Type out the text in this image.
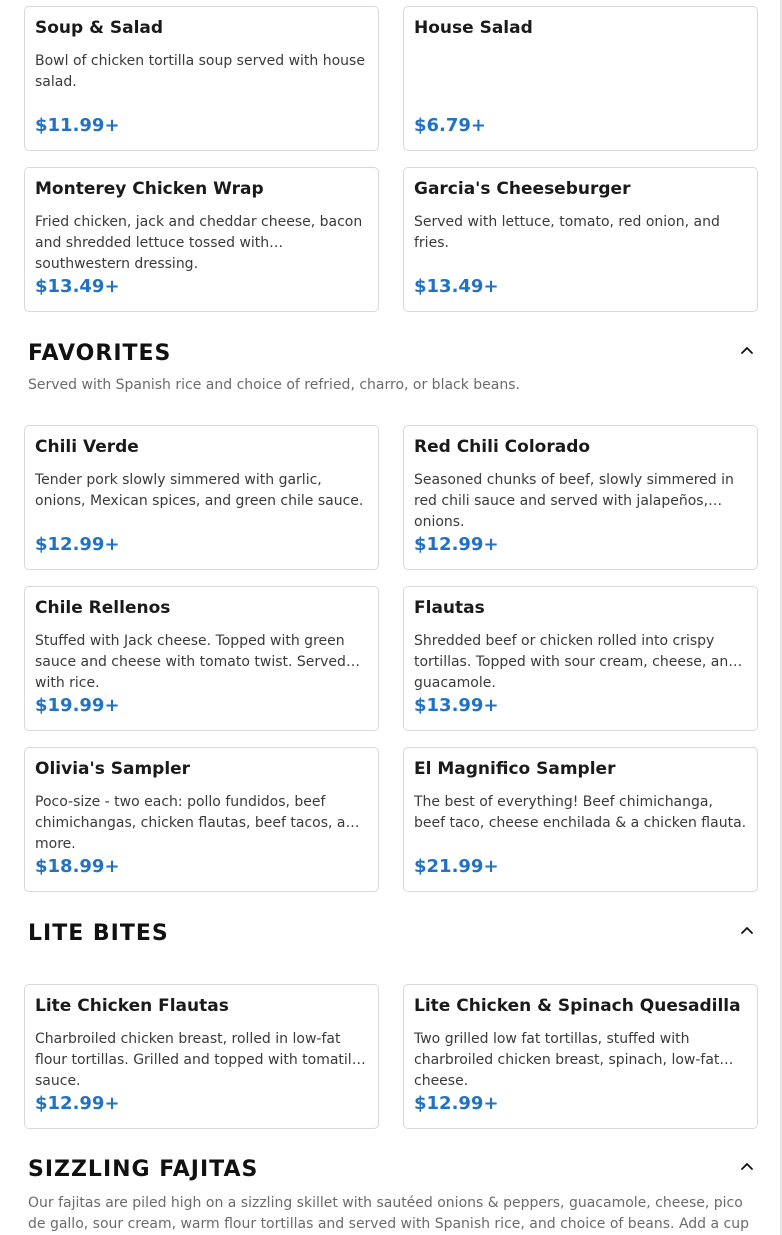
Soup & Salad
Bowl of chicken tortilla soup served with house salad.
$11.99+
House Salad
$6.79+
Monterey Chicken Wrap
Fried chicken, jack and cheddar cheese, bacon and shredded lettuce tossed with southwestern dressing.
$13.49+
Garcia's Cheeseburger
Served with lettuce, tomato, red onion, and fries.
$13.49+
FAVORITES
Served with Spanish rice and choice of refried, charro, or black beans.
Chili Verde
Tender pork slowly simmered with garlic, onions, Mexican spices, and green chile sauce.
$12.99+
Red Chili Colorado
Seasoned chunks of beef, slowly simmered in red chili sauce and served with jalapeños, onions.
$12.99+
Chile Rellenos
Stuffed with Jack cheese. Topped with green sauce and cheese with tomato twist. Served with rice.
$19.99+
Flautas
Shredded beef or chicken rolled into crispy tortillas. Topped with sour cream, cheese, and guacamole.
$13.99+
Olivia's Sampler
Poco-size - two each: pollo fundidos, beef chimichangas, chicken flautas, beef tacos, and more.
$18.99+
El Magnifico Sampler
The best of everything! Beef chimichanga, beef taco, cheese enchilada & a chicken flauta.
$21.99+
LITE BITES
Lite Chicken Flautas
Charbroiled chicken breast, rolled in low-fat flour tortillas. Grilled and topped with tomatillo sauce.
$12.99+
Lite Chicken & Spinach Quesadilla
Two grilled low fat tortillas, stuffed with charbroiled chicken breast, spinach, low-fat cheese.
$12.99+
SIZZLING FAJITAS
Our fajitas are piled high on a sizzling skillet with sautéed onions & peppers, guacamole, cheese, pico de gallo, sour cream, warm flour tortillas and served with Spanish rice, and choice of beans. Add a cup
